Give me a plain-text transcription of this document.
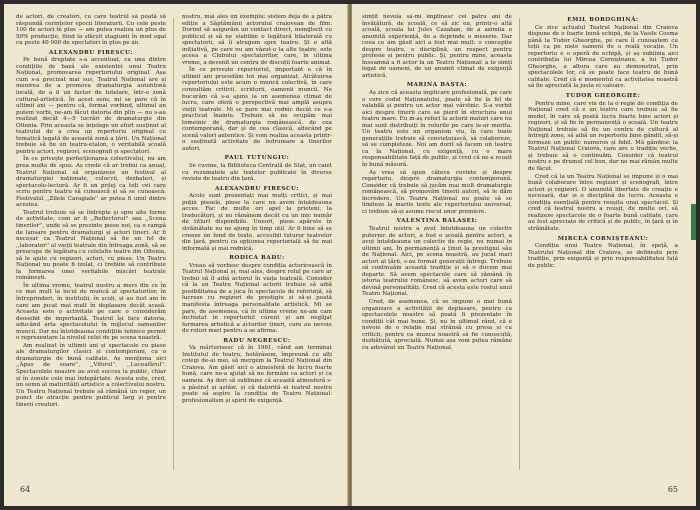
de actori, de creatori, cu care teatrul să poată să răspundă cerințelor epocii literaturii. Cu cele peste 100 de actori în plus — am putea realiza un plus de 50% producție, fiind la sfârșit stagiunii în mod egal cu peste 40 000 de spectatori în plus pe an.

ALEXANDRU FIRESCU:

Pe bună dreptate s-a accentuat, ca una dintre condițiile de bază ale existenței unui Teatru Național, promovarea repertoriului original. Așa cum s-a precizat mai sus, Teatrul Național are și menirea de a promova dramaturgia autohtonă locală, de a fi un factor de tutelare, într-o zonă cultural-artistică. În acest sens, mi se pare că în ultimii ani — pentru că, formal vorbind, ultimul an putem vorbi, ne-am făcut datoria din plin — nu s-au realizat decât 4—5 lucrări de dramaturgie din Oltenia. Prin aceasta se înțelege un efort susținut al teatrului de a crea un repertoriu original cu tematică legată de această zonă a țării. Un Național trebuie să fie un teatru-etalon, o veritabilă școală pentru actori, regizori, scenografi și spectatori.

În ce privește perfecționarea colectivului, nu am prea multe de spus. Aș crede că ar trebui ca anual, Teatrul Național să organizeze un festival al dramaturgiei naționale, colocvii, dezbateri, și spectacole-lectură. Ar fi un prilej ca toți cei care scriu pentru teatru să cunoască și să se cunoască. Festivalul ,,Zilele Caragiale'' ar putea fi unul dintre acestea.

Teatrul trebuie să se îndrepte și spre alte forme de activitate, cum ar fi ,,Reflectorul'' sau ,,Scena tinerilor'', unde să se prezinte piese noi, ca o rampă de lansare pentru dramaturgi și actori tineri. Ar fi necesar ca Teatrul Național să fie un fel de ,,laborator'' al vieții teatrale din întreaga zonă, să se preocupe de legătura cu celelalte teatre din Oltenia, să le ajute cu regizori, actori, cu piese. Un Teatru Național nu poate fi izolat, ci trebuie să contribuie la formarea unei veritabile mișcări teatrale românești.

În ultima vreme, teatrul nostru a mers din ce în ce mai mult la locul de muncă al spectatorilor, în întreprinderi, în instituții, în școli, și au fost ani în care am jucat mai mult în deplasare decât acasă. Aceasta este o activitate pe care o considerăm deosebit de importantă. Teatrul își face datoria, aducând arta spectacolului în mijlocul oamenilor muncii. Dar nu întotdeauna condițiile tehnice permit o reprezentare la nivelul celei de pe scena noastră.

Am realizat în ultimii ani și spectacole cu piese ale dramaturgilor clasici și contemporani, cu o dramaturgie de bună calitate. Aș menționa aici ,,Apus de soare'', ,,Viforul'', ,,Luceafărul''. Spectacolele noastre au avut succes la public, chiar și în zonele cele mai îndepărtate. Acesta este, cred, un semn al maturității artistice a colectivului nostru. Un Teatru Național trebuie să rămână un reper, un punct de atracție pentru publicul larg și pentru tinerii creatori.

nostru, mai ales un exemplu: sistem deja de a pătra ediție a Săptămânii actorului craiovean de film. Dorind să asigurăm un contact direct, nemijlocit cu publicul și să ne stabilim o legătură bilaterală cu spectatorii, să îi atragem spre teatru. Și o altă inițiativă, pe care nu am văzut-o la alte teatre, este aceea a Clubului spectatorilor, care, în ultima vreme, a devenit un centru de discuții foarte animat.

În ce privește repertoriul, important e că în ultimii ani procedăm tot mai organizat. Alcătuirea repertoriului este acum o muncă colectivă, în care consultăm criticii, scriitorii, oamenii muncii. Ne bucurăm că s-a ajuns la un asemenea climat de lucru, care oferă o perspectivă mai amplă asupra vieții teatrale. Ni se pare mai rodnic decât ce s-a practicat înainte. Trebuie să ne ocupăm mai temeinic de dramaturgia românească, de cea contemporană, dar și de cea clasică, aducând pe scenă valori autentice. Și vom realiza aceasta printr-o susținută activitate de îndrumare a tinerilor autori.

PAUL TUTUNGIU:

Se cuvine, la Biblioteca Centrală de Stat, un caiet cu rezumatele ale textelor publicate în diverse reviste de teatru din țară.

ALEXANDRU FIRESCU:

Acolo sunt prezentați mai mulți critici, și mai puțin piesele, piese la care nu avem întotdeauna acces. Fac de multe ori apel la prieteni, la traducători, și nu rămânem decât cu un mic număr de titluri disponibile. Uneori, piese apărute în străinătate nu ne ajung în timp util. Ar fi bine să se creeze un fond de texte, accesibil tuturor teatrelor din țară, pentru ca opțiunea repertorială să fie mai informată și mai rodnică.

RODICA RADU:

Vreau să vorbesc despre condiția actoricească în Teatrul Național și, mai ales, despre rolul pe care ar trebui să îl aibă actorul în viața teatrală. Consider că la un Teatru Național actorii trebuie să aibă posibilitatea de a juca în spectacole de referință, să lucreze cu regizori de prestigiu și să-și poată manifesta întreaga personalitate artistică. Mi se pare, de asemenea, că în ultima vreme ne-am cam închistat în repertoriul curent și am neglijat formarea artistică a actorilor tineri, care au nevoie de roluri mari pentru a se afirma.

RADU NEGRESCU:

Va mărturisesc că în 1961, când am terminat Institutul de teatru, hotărâsem, împreună cu alți colegi de-ai mei, să mergem la Teatrul Național din Craiova. Am găsit aici o atmosferă de lucru foarte bună, care ne-a ajutat să ne formăm ca actori și ca oameni. Aș dori să subliniez că această atmosferă s-a păstrat și astăzi, și că datorită ei teatrul nostru poate să aspire la condiția de Teatru Național: profesionalism și spirit de exigență.

64

simțit nevoia să-mi împlinesc cei patru ani de învățătură, de școală, ce să zic eu, printr-o altă școală, școala lui Jules Cazaban, de a asimila o anumită experiență, de a deprinde o meserie. Dar ceea ce am găsit aici a fost mai mult: o concepție despre teatru, o disciplină, un respect pentru profesie și pentru public. Și, pentru mine, aceasta înseamnă a fi actor la un Teatru Național: a te simți legat de oameni, de un anumit climat de exigență artistică.

MARINA BAȘTA:

Aș zice că aceasta implicare profesională, pe care o cere codul Naționalului, poate să fie la fel de valabilă și pentru un actor mai vârstnic. S-a vorbit aici despre tinerii care se pierd în structura unui teatru mare. Eu m-aș referi la actorii maturi care nu mai sunt distribuiți în rolurile pe care le-ar merita. Un teatru este un organism viu, în care toate generațiile trebuie să conviețuiască, să colaboreze, să se completeze. Noi am dorit să facem un teatru ca la Național, cu exigență, cu o mare responsabilitate față de public, și cred că ne-a reușit în bună măsură.

Aș vrea să spun câteva cuvinte și despre repertoriu, despre dramaturgia contemporană. Consider că trebuie să jucăm mai mult dramaturgie românească, să promovăm tinerii autori, să le dăm încredere. Un Teatru Național nu poate să se limiteze la marile texte ale repertoriului universal, ci trebuie să-și asume riscul unor premiere.

VALENTINA BALAȘEI:

Teatrul nostru a avut întotdeauna un colectiv puternic de actori, a fost o școală pentru actori, a avut întotdeauna un colectiv de regie, nu numai în ultimii ani. În permanență a ținut la prestigiul său de Național. Aici, pe scena noastră, au jucat mari actori ai țării, s-au format generații întregi. Trebuie să continuăm această tradiție și să o ducem mai departe. Să avem spectacole care să rămână în istoria teatrului românesc, să avem actori care să devină personalități. Cred că acesta este rostul unui Teatru Național.

Cred, de asemenea, că se impune o mai bună organizare a activității de deplasare, pentru ca spectacolele noastre să poată fi prezentate în condiții cât mai bune. Și, nu în ultimul rând, că e nevoie de o relație mai strânsă cu presa și cu criticii, pentru ca munca noastră să fie cunoscută, dezbătută, apreciată. Numai așa vom putea rămâne cu adevărat un Teatru Național.

EMIL BOROGHINĂ:

Ce zice actualul Teatrul Național din Craiova dispune de o foarte bună echipă, de la Vasile Cosma până la Tudor Gheorghe, pe care îi cunoaștem cu toții ca pe niște oameni de o reală vocație. Un repertoriu e o operă de echipă, și aș sublinia aici contribuția lui Mircea Cornișteanu, a lui Tudor Gheorghe, a altora care au demonstrat, prin spectacolele lor, că se poate face teatru de bună calitate. Cred că e momentul ca activitatea noastră să fie apreciată la justa ei valoare.

TUDOR GHEORGHE:

Pentru mine, care vin de la o regie de condiția de Național cred că e un teatru care trebuie să fie model, în care să poată lucra foarte bine actori și regizori, și să fie în permanență o școală. Un teatru Național trebuie să fie un centru de cultură al întregii zone, să aibă un repertoriu bine gândit, să-și formeze un public numeros și fidel. Mă gândesc la Teatrul Național Craiova, care are o tradiție veche, și trebuie să o continuăm. Consider că teatrul nostru e pe drumul cel bun, dar ne mai rămân multe de făcut.

Cred că la un Teatru Național se impune și o mai bună colaborare între regizori și scenografi, între actori și regizori. O anumită libertate de creație e necesară, dar și o disciplină de lucru. Aceasta e condiția esențială pentru reușita unui spectacol. Și cred că teatrul nostru a reușit, de multe ori, să realizeze spectacole de o foarte bună calitate, care au fost apreciate de critică și de public, în țară și în străinătate.

MIRCEA CORNIȘTEANU:

Condiția unui Teatru Național, în speță, a Teatrului Național din Craiova, se definește prin tradiție, prin exigență și prin responsabilitatea față de public.

65
